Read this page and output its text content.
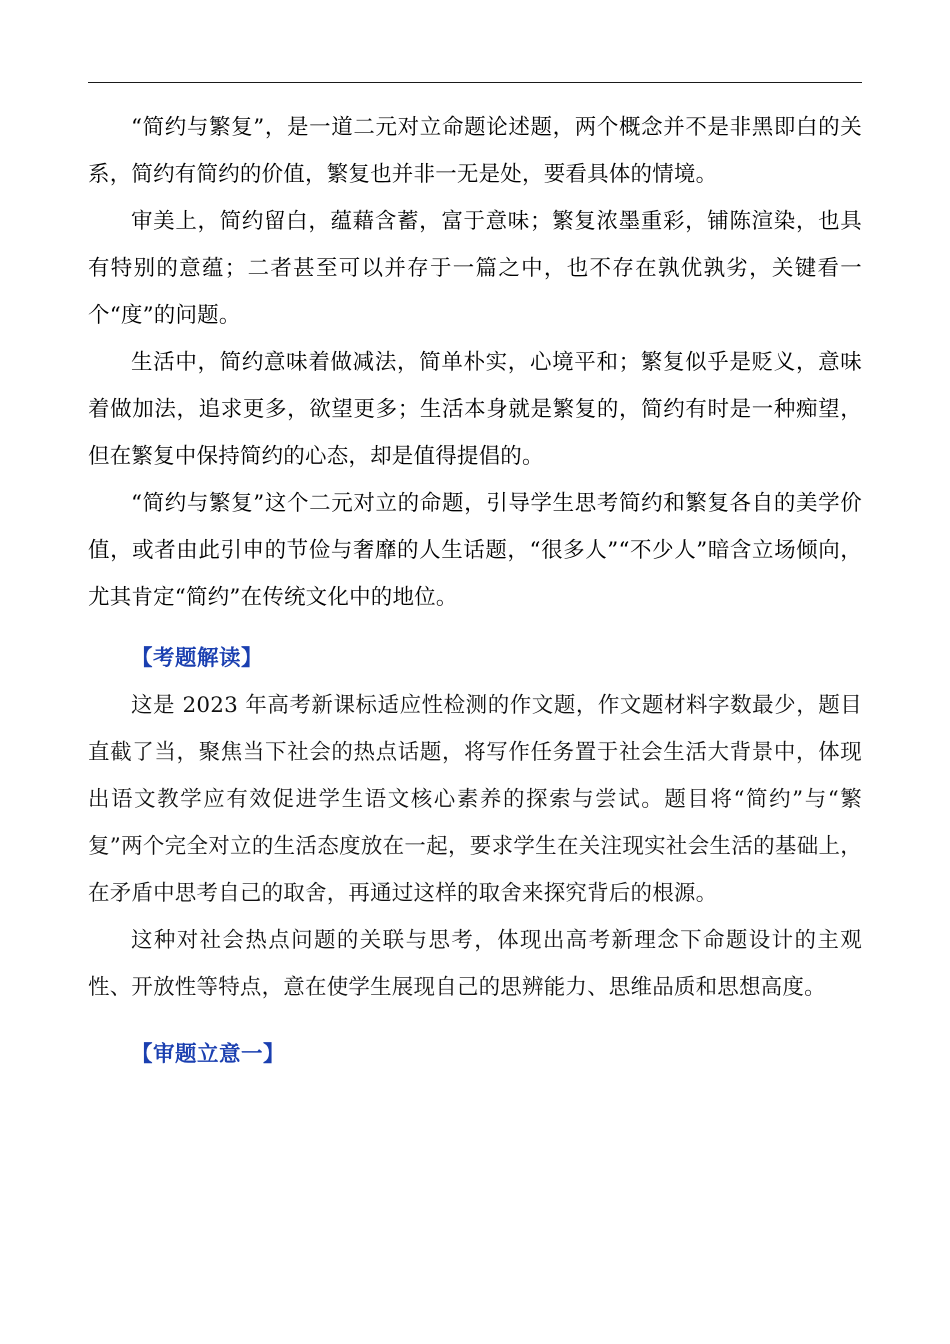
“简约与繁复”，是一道二元对立命题论述题，两个概念并不是非黑即白的关系，简约有简约的价值，繁复也并非一无是处，要看具体的情境。

审美上，简约留白，蕴藉含蓄，富于意味；繁复浓墨重彩，铺陈渲染，也具有特别的意蕴；二者甚至可以并存于一篇之中，也不存在孰优孰劣，关键看一个“度”的问题。

生活中，简约意味着做减法，简单朴实，心境平和；繁复似乎是贬义，意味着做加法，追求更多，欲望更多；生活本身就是繁复的，简约有时是一种痴望，但在繁复中保持简约的心态，却是值得提倡的。

“简约与繁复”这个二元对立的命题，引导学生思考简约和繁复各自的美学价值，或者由此引申的节俭与奢靡的人生话题，“很多人”“不少人”暗含立场倾向，尤其肯定“简约”在传统文化中的地位。

【考题解读】

这是 2023 年高考新课标适应性检测的作文题，作文题材料字数最少，题目直截了当，聚焦当下社会的热点话题，将写作任务置于社会生活大背景中，体现出语文教学应有效促进学生语文核心素养的探索与尝试。题目将“简约”与“繁复”两个完全对立的生活态度放在一起，要求学生在关注现实社会生活的基础上，在矛盾中思考自己的取舍，再通过这样的取舍来探究背后的根源。

这种对社会热点问题的关联与思考，体现出高考新理念下命题设计的主观性、开放性等特点，意在使学生展现自己的思辨能力、思维品质和思想高度。

【审题立意一】
